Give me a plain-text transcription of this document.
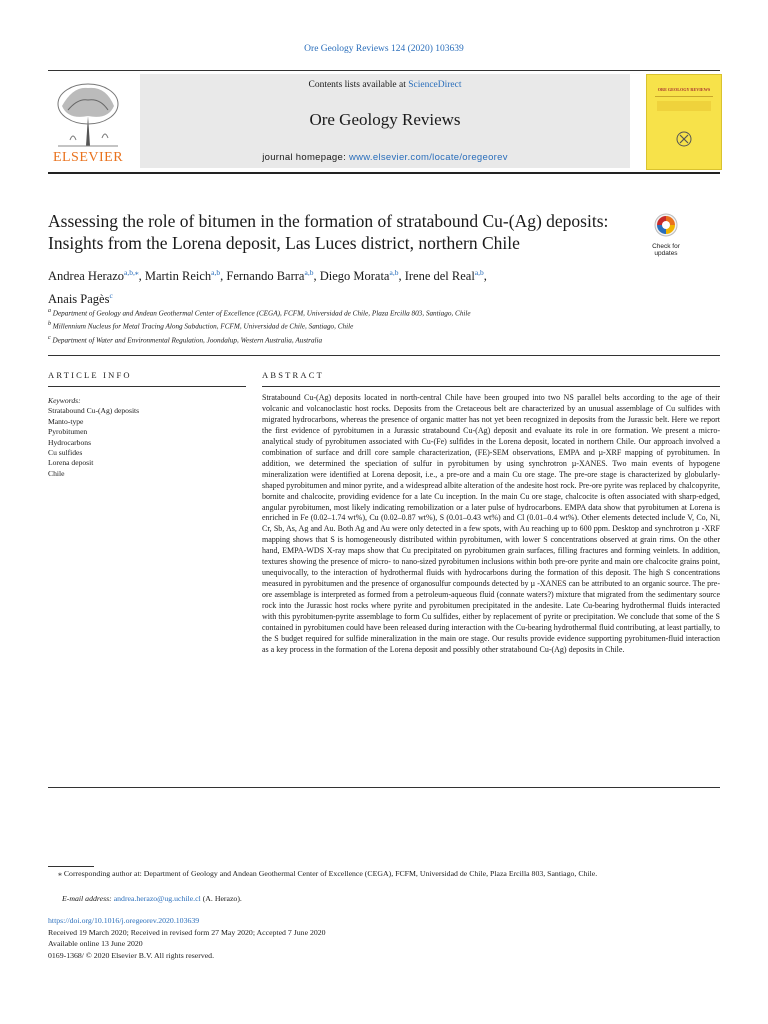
Ore Geology Reviews 124 (2020) 103639
ELSEVIER
Contents lists available at ScienceDirect
Ore Geology Reviews
journal homepage: www.elsevier.com/locate/oregeorev
ORE GEOLOGY REVIEWS
Assessing the role of bitumen in the formation of stratabound Cu-(Ag) deposits: Insights from the Lorena deposit, Las Luces district, northern Chile	Check for
updates
Andrea Herazo$^{a,b,⁎}$, Martin Reich$^{a,b}$, Fernando Barra$^{a,b}$, Diego Morata$^{a,b}$, Irene del Real$^{a,b}$,
Anais Pagès$^c$
$^a$ Department of Geology and Andean Geothermal Center of Excellence (CEGA), FCFM, Universidad de Chile, Plaza Ercilla 803, Santiago, Chile
$^b$ Millennium Nucleus for Metal Tracing Along Subduction, FCFM, Universidad de Chile, Santiago, Chile
$^c$ Department of Water and Environmental Regulation, Joondalup, Western Australia, Australia
ARTICLE INFO	ABSTRACT
Keywords:
Stratabound Cu-(Ag) deposits
Manto-type
Pyrobitumen
Hydrocarbons
Cu sulfides
Lorena deposit
Chile
Stratabound Cu-(Ag) deposits located in north-central Chile have been grouped into two NS parallel belts according to the age of their volcanic and volcanoclastic host rocks. Deposits from the Cretaceous belt are characterized by an unusual assemblage of Cu sulfides with migrated hydrocarbons, whereas the presence of organic matter has not yet been recognized in deposits from the Jurassic belt. Here we report the first evidence of pyrobitumen in a Jurassic stratabound Cu-(Ag) deposit and evaluate its role in ore formation. We present a micro-analytical study of pyrobitumen associated with Cu-(Fe) sulfides in the Lorena deposit, located in northern Chile. Our approach involved a combination of surface and drill core sample characterization, (FE)-SEM observations, EMPA and µ-XRF mapping of pyrobitumen. In addition, we determined the speciation of sulfur in pyrobitumen by using synchrotron µ-XANES. Two main events of hypogene mineralization were identified at Lorena deposit, i.e., a pre-ore and a main Cu ore stage. The pre-ore stage is characterized by globularly-shaped pyrobitumen and minor pyrite, and a widespread albite alteration of the andesite host rock. Pre-ore pyrite was replaced by chalcopyrite, bornite and chalcocite, providing evidence for a late Cu inception. In the main Cu ore stage, chalcocite is often associated with sharp-edged, angular pyrobitumen, most likely indicating remobilization or a later pulse of hydrocarbons. EMPA data show that pyrobitumen at Lorena is enriched in Fe (0.02–1.74 wt%), Cu (0.02–0.87 wt%), S (0.01–0.43 wt%) and Cl (0.01–0.4 wt%). Other elements detected include V, Co, Ni, Cr, Sb, As, Ag and Au. Both Ag and Au were only detected in a few spots, with Au reaching up to 600 ppm. Desktop and synchrotron µ -XRF mapping shows that S is homogeneously distributed within pyrobitumen, with lower S concentrations observed at grain rims. On the other hand, EMPA-WDS X-ray maps show that Cu precipitated on pyrobitumen grain surfaces, filling fractures and forming veinlets. In addition, textures showing the presence of micro- to nano-sized pyrobitumen inclusions within both pre-ore pyrite and main ore chalcocite grains point, unequivocally, to the interaction of hydrothermal fluids with hydrocarbons during the formation of this deposit. The high S concentrations measured in pyrobitumen and the presence of organosulfur compounds detected by µ -XANES can be attributed to an organic source. The pre-ore assemblage is interpreted as formed from a petroleum-aqueous fluid (connate waters?) mixture that migrated from the sedimentary source rock into the Jurassic host rocks where pyrite and pyrobitumen precipitated in the andesite. Late Cu-bearing hydrothermal fluids interacted with this pyrobitumen-pyrite assemblage to form Cu sulfides, either by replacement of pyrite or precipitation. We conclude that some of the S contained in pyrobitumen could have been released during interaction with the Cu-bearing hydrothermal fluid contributing, at least partially, to the S budget required for sulfide mineralization in the main ore stage. Our results provide evidence supporting pyrobitumen-fluid interaction as a key process in the formation of the Lorena deposit and possibly other stratabound Cu-(Ag) deposits in Chile.
⁎ Corresponding author at: Department of Geology and Andean Geothermal Center of Excellence (CEGA), FCFM, Universidad de Chile, Plaza Ercilla 803, Santiago, Chile.
E-mail address: andrea.herazo@ug.uchile.cl (A. Herazo).
https://doi.org/10.1016/j.oregeorev.2020.103639
Received 19 March 2020; Received in revised form 27 May 2020; Accepted 7 June 2020
Available online 13 June 2020
0169-1368/ © 2020 Elsevier B.V. All rights reserved.
